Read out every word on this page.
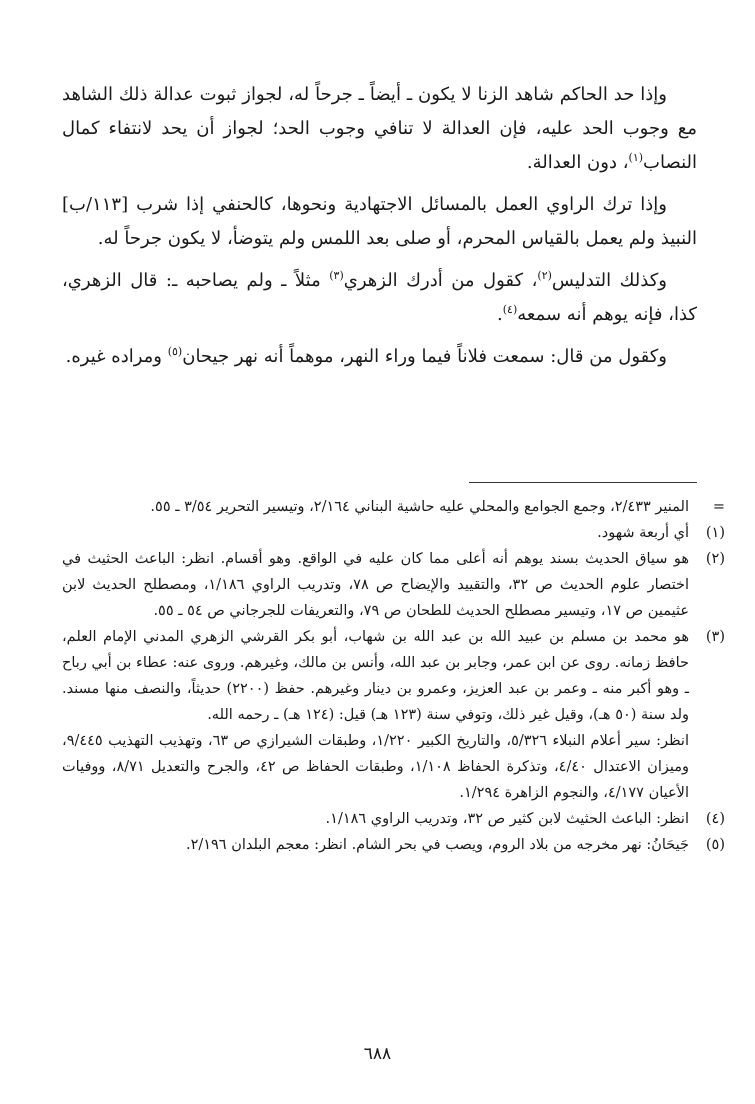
وإذا حد الحاكم شاهد الزنا لا يكون ـ أيضاً ـ جرحاً له، لجواز ثبوت عدالة ذلك الشاهد مع وجوب الحد عليه، فإن العدالة لا تنافي وجوب الحد؛ لجواز أن يحد لانتفاء كمال النصاب$^{(١)}$، دون العدالة.

وإذا ترك الراوي العمل بالمسائل الاجتهادية ونحوها، كالحنفي إذا شرب [١١٣/ب] النبيذ ولم يعمل بالقياس المحرم، أو صلى بعد اللمس ولم يتوضأ، لا يكون جرحاً له.

وكذلك التدليس$^{(٢)}$، كقول من أدرك الزهري$^{(٣)}$ مثلاً ـ ولم يصاحبه ـ: قال الزهري، كذا، فإنه يوهم أنه سمعه$^{(٤)}$.

وكقول من قال: سمعت فلاناً فيما وراء النهر، موهماً أنه نهر جيحان$^{(٥)}$ ومراده غيره.

=
المنير ٢/٤٣٣، وجمع الجوامع والمحلي عليه حاشية البناني ٢/١٦٤، وتيسير التحرير ٣/٥٤ ـ ٥٥.
(١)
أي أربعة شهود.
(٢)
هو سياق الحديث بسند يوهم أنه أعلى مما كان عليه في الواقع. وهو أقسام. انظر: الباعث الحثيث في اختصار علوم الحديث ص ٣٢، والتقييد والإيضاح ص ٧٨، وتدريب الراوي ١/١٨٦، ومصطلح الحديث لابن عثيمين ص ١٧، وتيسير مصطلح الحديث للطحان ص ٧٩، والتعريفات للجرجاني ص ٥٤ ـ ٥٥.
(٣)
هو محمد بن مسلم بن عبيد الله بن عبد الله بن شهاب، أبو بكر القرشي الزهري المدني الإمام العلم، حافظ زمانه. روى عن ابن عمر، وجابر بن عبد الله، وأنس بن مالك، وغيرهم. وروى عنه: عطاء بن أبي رباح ـ وهو أكبر منه ـ وعمر بن عبد العزيز، وعمرو بن دينار وغيرهم. حفظ (٢٢٠٠) حديثاً، والنصف منها مسند. ولد سنة (٥٠ هـ)، وقيل غير ذلك، وتوفي سنة (١٢٣ هـ) قيل: (١٢٤ هـ) ـ رحمه الله.
انظر: سير أعلام النبلاء ٥/٣٢٦، والتاريخ الكبير ١/٢٢٠، وطبقات الشيرازي ص ٦٣، وتهذيب التهذيب ٩/٤٤٥، وميزان الاعتدال ٤/٤٠، وتذكرة الحفاظ ١/١٠٨، وطبقات الحفاظ ص ٤٢، والجرح والتعديل ٨/٧١، ووفيات الأعيان ٤/١٧٧، والنجوم الزاهرة ١/٢٩٤.
(٤)
انظر: الباعث الحثيث لابن كثير ص ٣٢، وتدريب الراوي ١/١٨٦.
(٥)
جَيحَانُ: نهر مخرجه من بلاد الروم، ويصب في بحر الشام. انظر: معجم البلدان ٢/١٩٦.
٦٨٨
